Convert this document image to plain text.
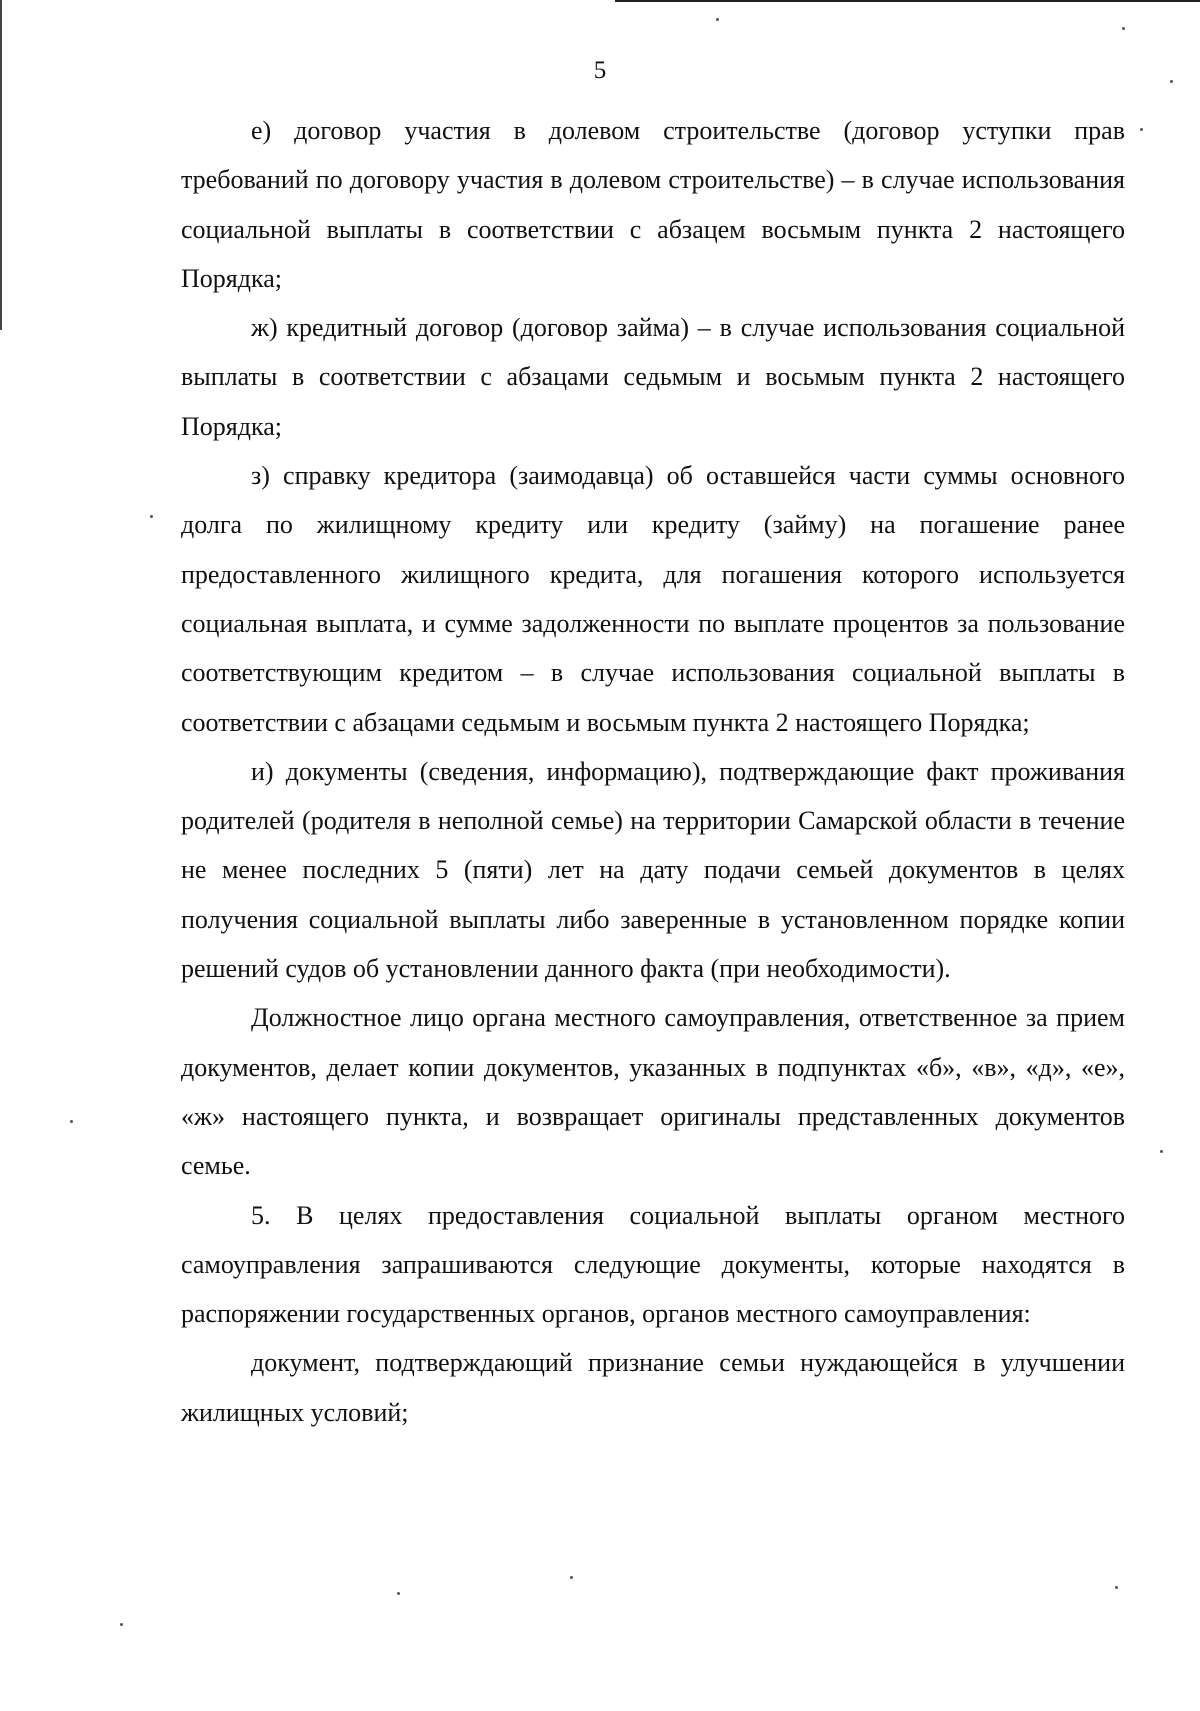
5

е) договор участия в долевом строительстве (договор уступки прав требований по договору участия в долевом строительстве) – в случае использования социальной выплаты в соответствии с абзацем восьмым пункта 2 настоящего Порядка;

ж) кредитный договор (договор займа) – в случае использования социальной выплаты в соответствии с абзацами седьмым и восьмым пункта 2 настоящего Порядка;

з) справку кредитора (заимодавца) об оставшейся части суммы основного долга по жилищному кредиту или кредиту (займу) на погашение ранее предоставленного жилищного кредита, для погашения которого используется социальная выплата, и сумме задолженности по выплате процентов за пользование соответствующим кредитом – в случае использования социальной выплаты в соответствии с абзацами седьмым и восьмым пункта 2 настоящего Порядка;

и) документы (сведения, информацию), подтверждающие факт проживания родителей (родителя в неполной семье) на территории Самарской области в течение не менее последних 5 (пяти) лет на дату подачи семьей документов в целях получения социальной выплаты либо заверенные в установленном порядке копии решений судов об установлении данного факта (при необходимости).

Должностное лицо органа местного самоуправления, ответственное за прием документов, делает копии документов, указанных в подпунктах «б», «в», «д», «е», «ж» настоящего пункта, и возвращает оригиналы представленных документов семье.

5. В целях предоставления социальной выплаты органом местного самоуправления запрашиваются следующие документы, которые находятся в распоряжении государственных органов, органов местного самоуправления:

документ, подтверждающий признание семьи нуждающейся в улучшении жилищных условий;
